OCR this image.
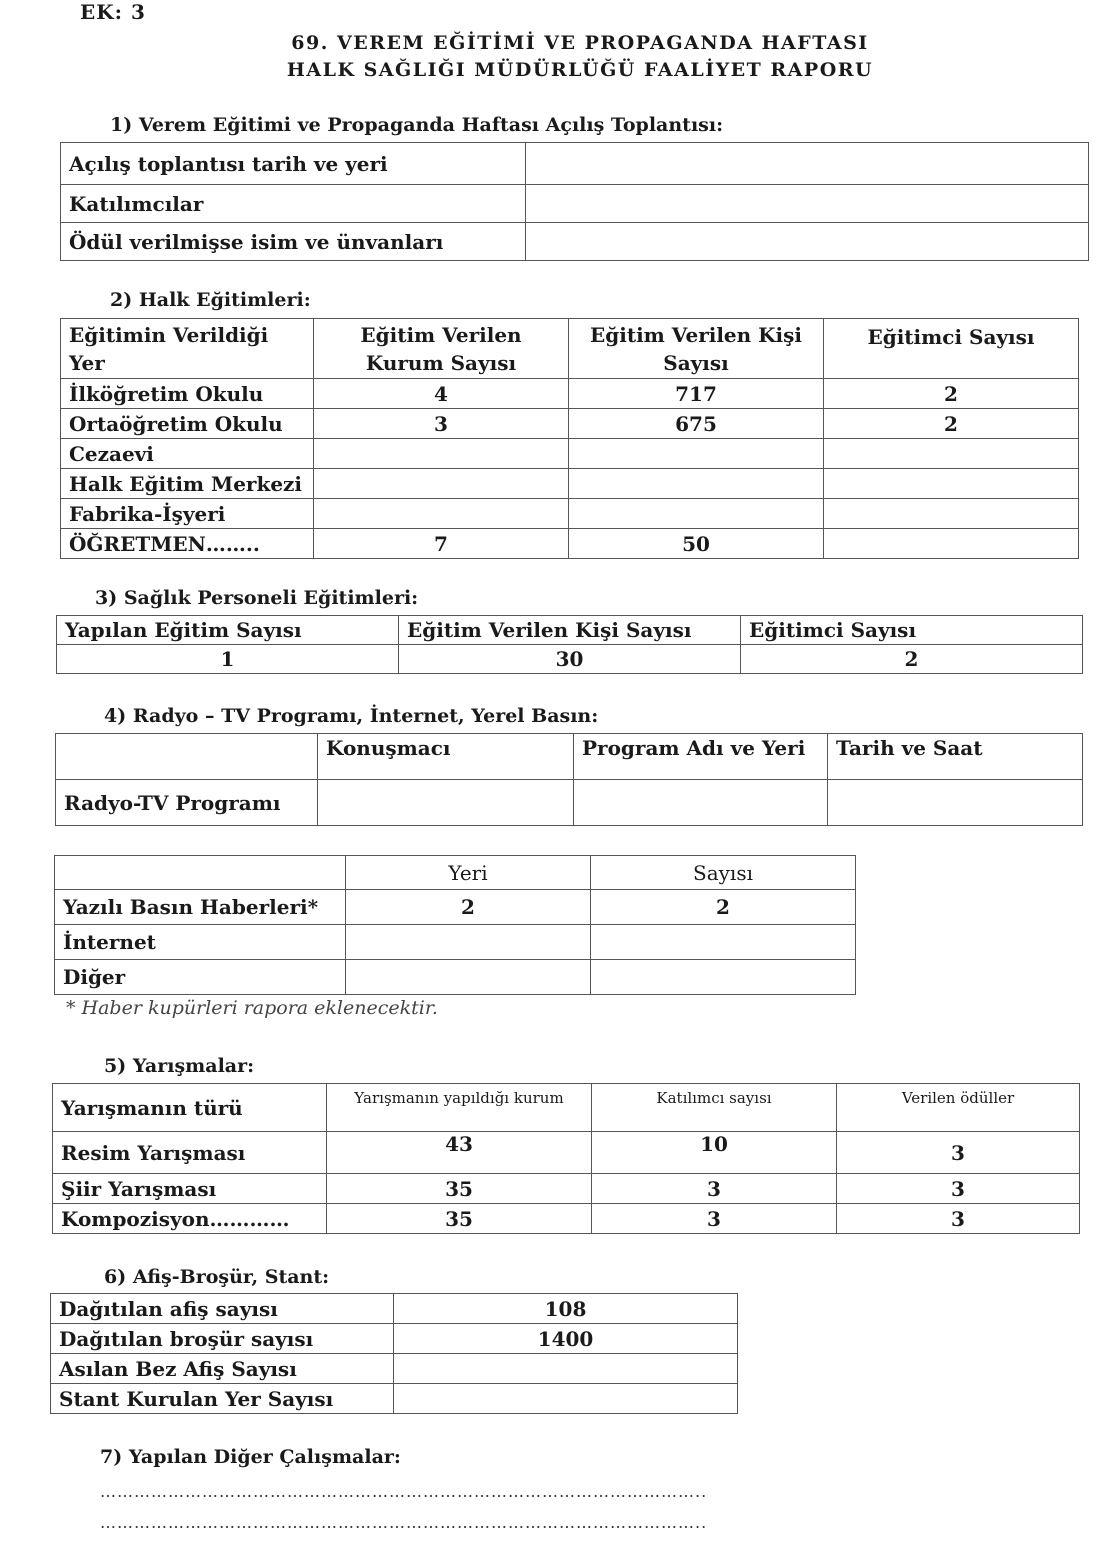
EK: 3
69. VEREM EĞİTİMİ VE PROPAGANDA HAFTASI
HALK SAĞLIĞI MÜDÜRLÜĞÜ FAALİYET RAPORU
1) Verem Eğitimi ve Propaganda Haftası Açılış Toplantısı:
Açılış toplantısı tarih ve yeri	
Katılımcılar	
Ödül verilmişse isim ve ünvanları	
2) Halk Eğitimleri:
Eğitimin Verildiği Yer	Eğitim Verilen Kurum Sayısı	Eğitim Verilen Kişi Sayısı	Eğitimci Sayısı
İlköğretim Okulu	4	717	2
Ortaöğretim Okulu	3	675	2
Cezaevi			
Halk Eğitim Merkezi			
Fabrika-İşyeri			
ÖĞRETMEN……..	7	50	
3) Sağlık Personeli Eğitimleri:
Yapılan Eğitim Sayısı	Eğitim Verilen Kişi Sayısı	Eğitimci Sayısı
1	30	2
4) Radyo – TV Programı, İnternet, Yerel Basın:
	Konuşmacı	Program Adı ve Yeri	Tarih ve Saat
Radyo-TV Programı			
	Yeri	Sayısı
Yazılı Basın Haberleri*	2	2
İnternet		
Diğer		
* Haber kupürleri rapora eklenecektir.
5) Yarışmalar:
Yarışmanın türü	Yarışmanın yapıldığı kurum	Katılımcı sayısı	Verilen ödüller
Resim Yarışması	43	10	3
Şiir Yarışması	35	3	3
Kompozisyon…………	35	3	3
6) Afiş-Broşür, Stant:
Dağıtılan afiş sayısı	108
Dağıtılan broşür sayısı	1400
Asılan Bez Afiş Sayısı	
Stant Kurulan Yer Sayısı	
7) Yapılan Diğer Çalışmalar:
……………………………………………………………………………………………..
……………………………………………………………………………………………..
